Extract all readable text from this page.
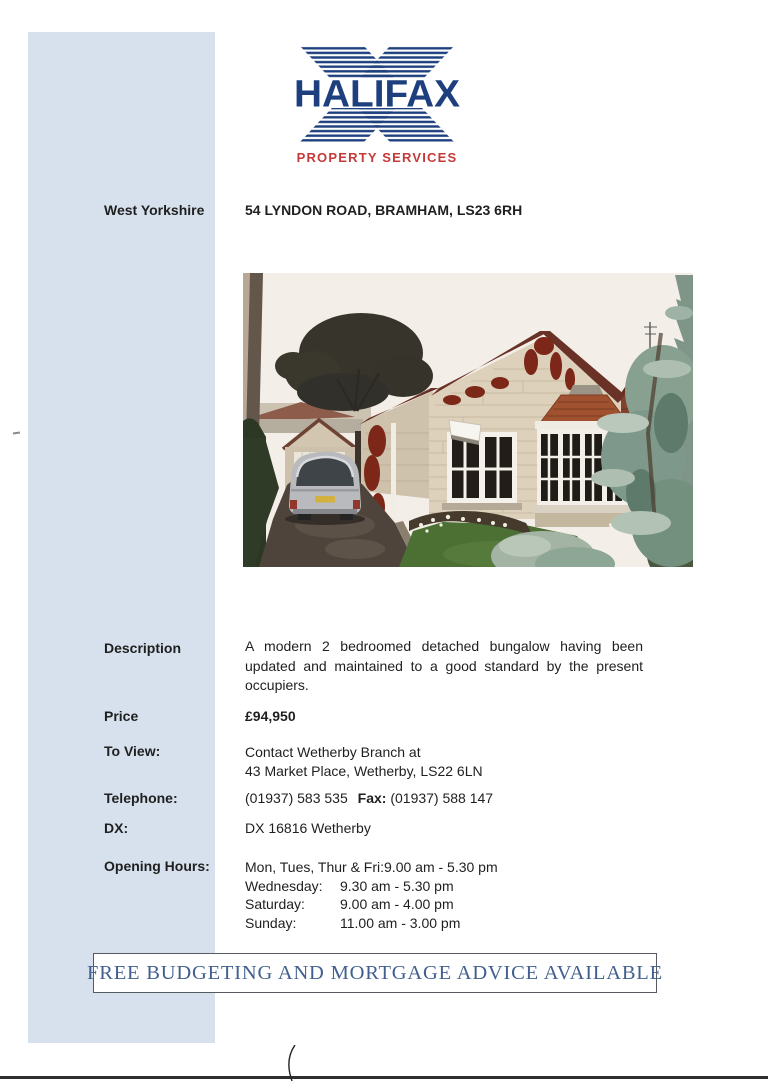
HALIFAX
PROPERTY SERVICES
West Yorkshire	54 LYNDON ROAD, BRAMHAM, LS23 6RH
Description	A modern 2 bedroomed detached bungalow having been updated and maintained to a good standard by the present occupiers.
Price	£94,950
To View:	Contact Wetherby Branch at
43 Market Place, Wetherby, LS22 6LN
Telephone:	(01937) 583 535 Fax: (01937) 588 147
DX:	DX 16816 Wetherby
Opening Hours:	Mon, Tues, Thur & Fri:9.00 am - 5.30 pm
Wednesday: 9.30 am - 5.30 pm
Saturday:	9.00 am - 4.00 pm
Sunday:	11.00 am - 3.00 pm
FREE BUDGETING AND MORTGAGE ADVICE AVAILABLE
